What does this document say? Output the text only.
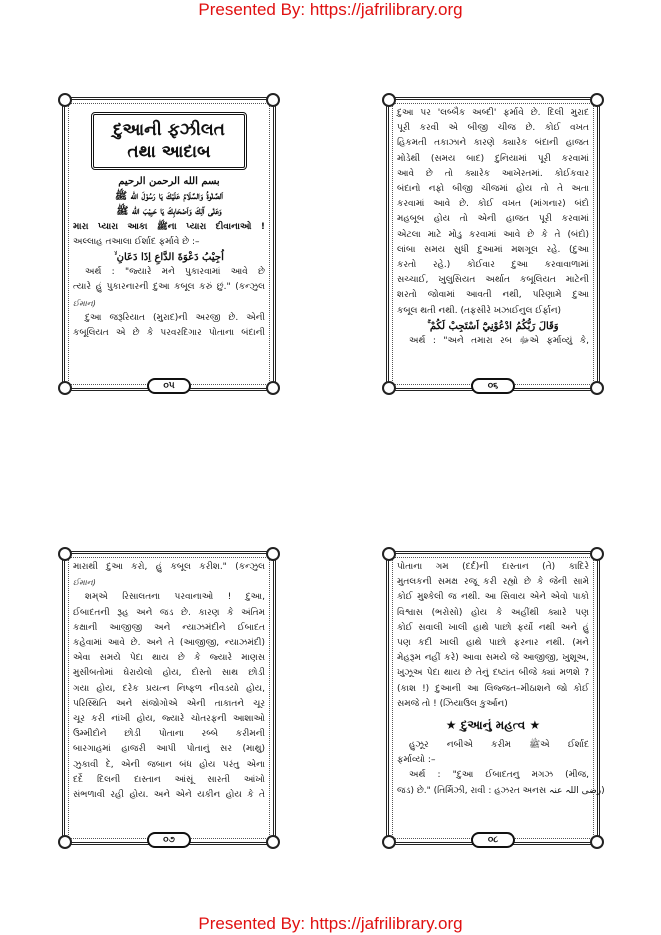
Presented By: https://jafrilibrary.org
દુઆની ફઝીલત
તથા આદાબ
بسم الله الرحمن الرحيم
اَلصَّلٰوةُ وَالسَّلَامُ عَلَيْكَ يَا رَسُوْلَ الله ﷺ
وَعَلٰى آلِكَ وَاَصْحَابِكَ يَا حَبِيْبَ الله ﷺ
મારા પ્યારા આકા ﷺના પ્યારા દીવાનાઓ !
અલ્લાહ તઆલા ઈર્શાદ ફર્માવે છે :–
اُجِيْبُ دَعْوَةَ الدَّاعِ اِذَا دَعَانِ ۙ
અર્થ : "જ્યારે મને પુકારવામાં આવે છે
ત્યારે હું પુકારનારની દુઆ કબૂલ કરું છું." (કન્ઝુલ
ઈમાન)
દુઆ જરૂરિયાત (મુરાદ)ની અરજી છે. એની
કબૂલિયત એ છે કે પરવરદિગાર પોતાના બંદાની
૦૫
દુઆ પર 'લબ્બૈક અબ્દી' ફર્માવે છે. દિલી મુરાદ
પૂરી કરવી એ બીજી ચીજ છે. કોઈ વખત
હિકમતી તકાઝાને કારણે ક્યારેક બંદાની હાજત
મોડેથી (સમય બાદ) દુનિયામાં પૂરી કરવામાં
આવે છે તો ક્યારેક આખેરતમાં. કોઈકવાર
બંદાનો નફો બીજી ચીજમાં હોય તો તે અતા
કરવામાં આવે છે. કોઈ વખત (માંગનાર) બંદો
મહબૂબ હોય તો એની હાજત પૂરી કરવામાં
એટલા માટે મોડુ કરવામાં આવે છે કે તે (બંદો)
લાંબા સમય સુધી દુઆમાં મશગૂલ રહે. (દુઆ
કરતો રહે.) કોઈવાર દુઆ કરવાવાળામાં
સચ્ચાઈ, ખુલુસિયત અર્થાત કબૂલિયત માટેની
શરતો જોવામાં આવતી નથી, પરિણામે દુઆ
કબૂલ થતી નથી. (તફસીરે ખઝાઈનુલ ઈર્ફાન)
وَقَالَ رَبُّكُمُ ادْعُوْنِيْٓ اَسْتَجِبْ لَكُمْ ۚ
અર્થ : "અને તમારા રબ ﷻએ ફર્માવ્યું કે,
૦૬
મારાથી દુઆ કરો, હું કબૂલ કરીશ." (કન્ઝુલ
ઈમાન)
શમ્એ રિસાલતના પરવાનાઓ ! દુઆ,
ઈબાદતની રૂહ અને જડ છે. કારણ કે અંતિમ
કક્ષાની આજીજી અને ન્યાઝમંદીને ઈબાદત
કહેવામાં આવે છે. અને તે (આજીજી, ન્યાઝમંદી)
એવા સમયે પેદા થાય છે કે જ્યારે માણસ
મુસીબતોમાં ઘેરાયેલો હોય, દોસ્તો સાથ છોડી
ગયા હોય, દરેક પ્રયત્ન નિષ્ફળ નીવડયો હોય,
પરિસ્થિતિ અને સંજોગોએ એની તાકાતને ચૂર
ચૂર કરી નાંખી હોય, જ્યારે ચોતરફની આશાઓ
ઉમ્મીદોને છોડી પોતાના રબ્બે કરીમની
બારગાહમાં હાજરી આપી પોતાનું સર (માથુ)
ઝુકાવી દે, એની જબાન બંધ હોય પરંતુ એના
દર્દે દિલની દાસ્તાન આંસૂં સારતી આંખો
સંભળાવી રહી હોય. અને એને યકીન હોય કે તે
૦૭
પોતાના ગમ (દર્દ)ની દાસ્તાન (તે) કાદિરે
મુતલકની સમક્ષ રજૂ કરી રહ્યો છે કે જેની સામે
કોઈ મુશ્કેલી જ નથી. આ સિવાય એને એવો પાકો
વિશ્વાસ (ભરોસો) હોય કે અહીંથી ક્યારે પણ
કોઈ સવાલી ખાલી હાથે પાછો ફર્યો નથી અને હું
પણ કદી ખાલી હાથે પાછો ફરનાર નથી. (મને
મેહરૂમ નહીં કરે) આવા સમયે જે આજીજી, ખુશૂઅ,
ખુઝૂઅ પેદા થાય છે તેનું દષ્ટાંત બીજે ક્યાં મળશે ?
(કાશ !) દુઆની આ લિજ્જત–મીઠાશને જો કોઈ
સમજે તો ! (ઝિયાઉલ કુર્આન)
★ દુઆનું મહત્વ ★
હુઝૂર નબીએ કરીમ ﷺએ ઈર્શાદ
ફર્માવ્યો :–
અર્થ : "દુઆ ઈબાદતનુ મગઝ (મીજ,
જડ) છે." (તિર્મિઝી, રાવી : હઝરત અનસ رضی اللہ عنہ)
૦૮
Presented By: https://jafrilibrary.org
